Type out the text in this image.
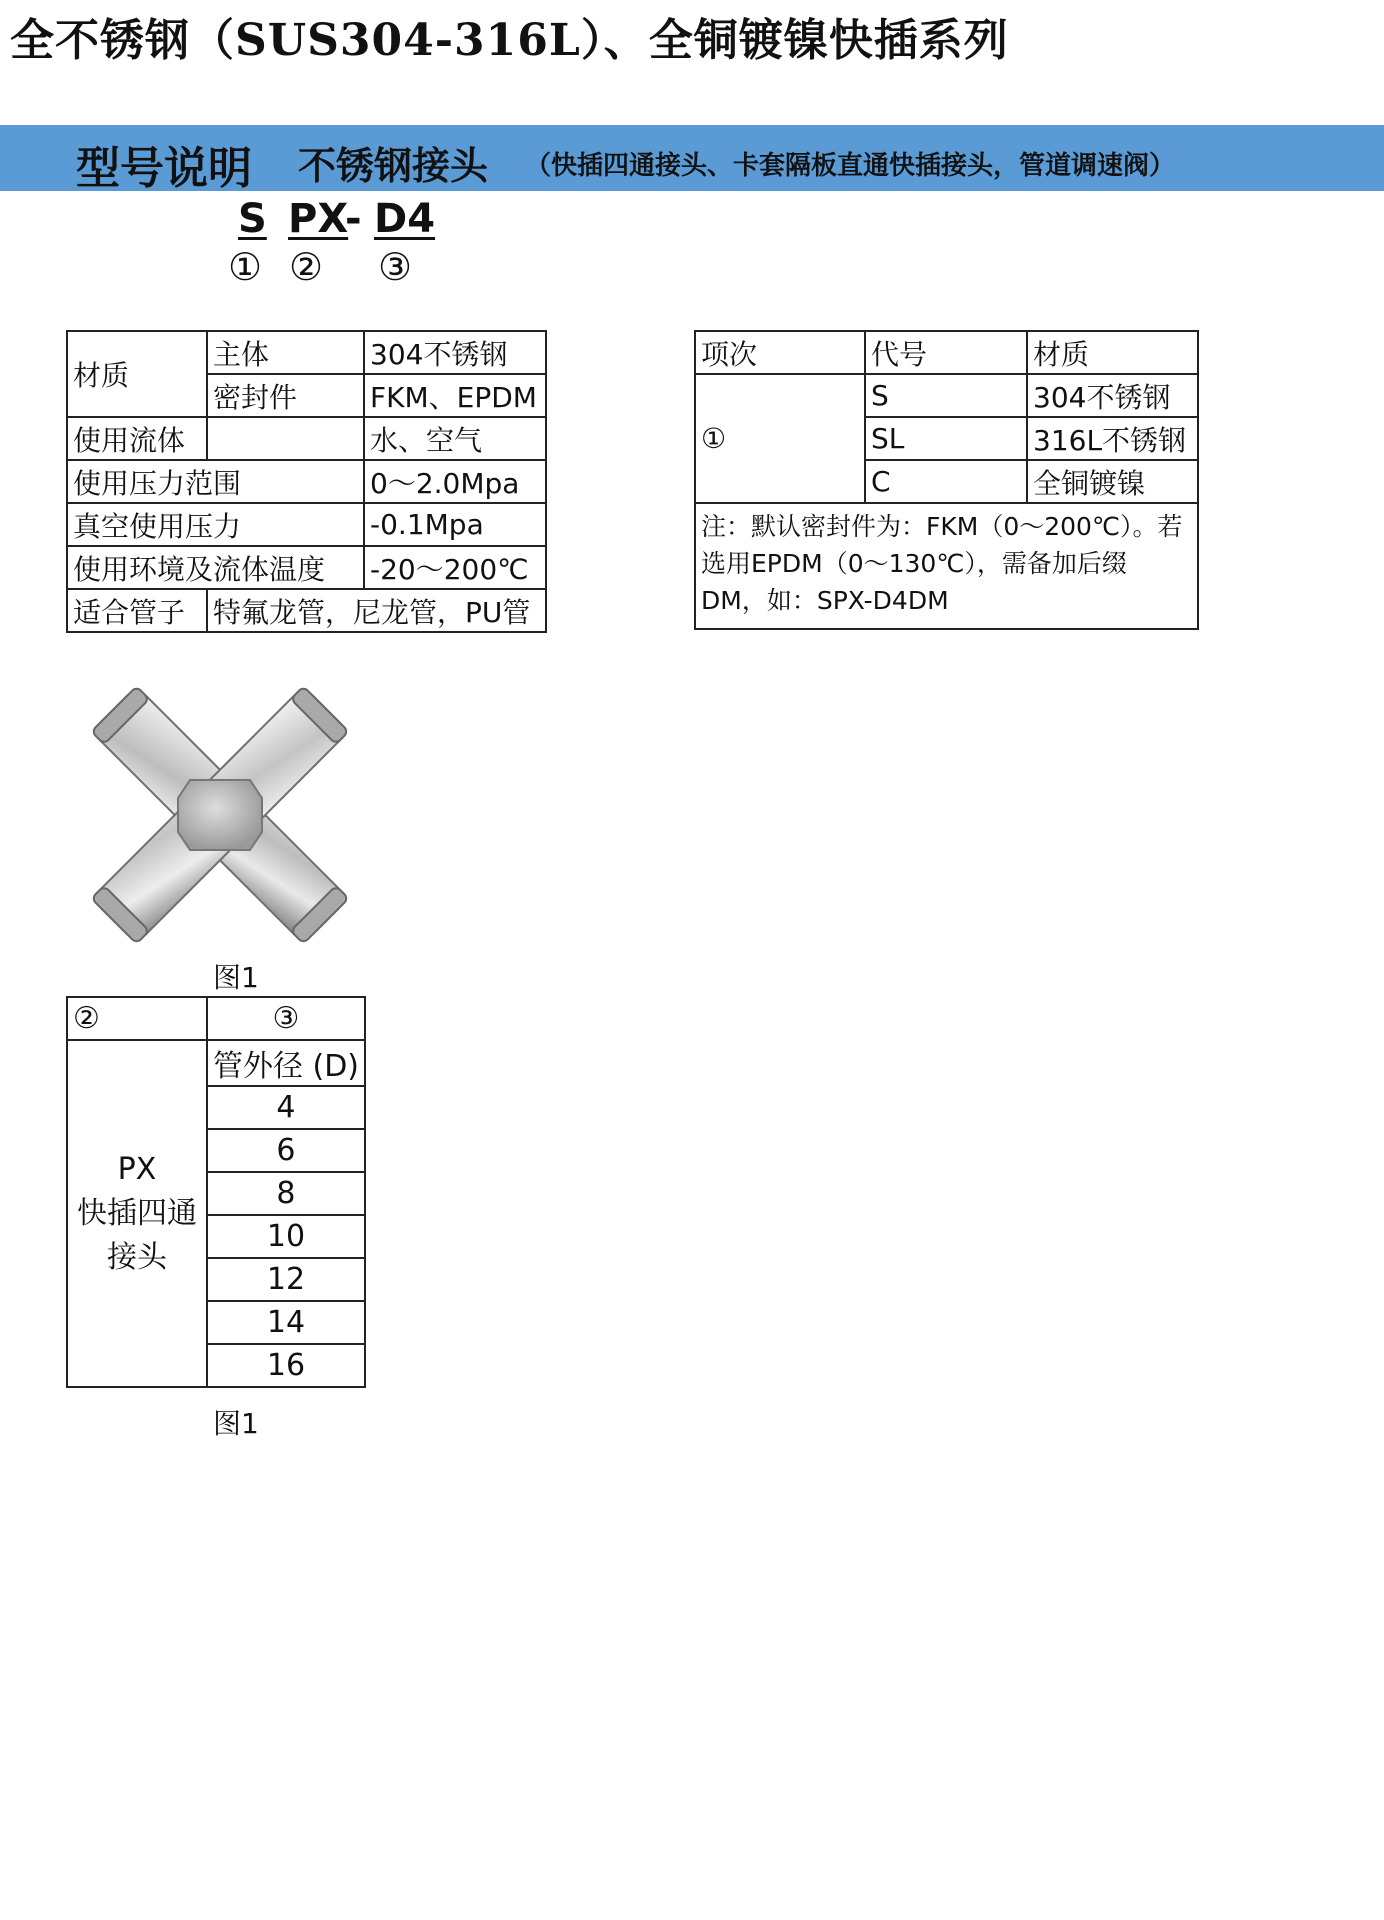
全不锈钢（SUS304-316L）、全铜镀镍快插系列
型号说明 不锈钢接头 （快插四通接头、卡套隔板直通快插接头，管道调速阀）
S PX
- D4
① ② ③
材质	主体	304不锈钢
	密封件	FKM、EPDM
使用流体		水、空气
使用压力范围		0～2.0Mpa
真空使用压力		-0.1Mpa
使用环境及流体温度		-20～200℃
适合管子	特氟龙管，尼龙管，PU管	
项次	代号	材质
①	S	304不锈钢
	SL	316L不锈钢
	C	全铜镀镍
注：默认密封件为：FKM（0～200℃）。若选用EPDM（0～130℃），需备加后缀DM，如：SPX-D4DM		
图1
②	③

PX
快插四通
接头	管外径 (D)
	4
	6
	8
	10
	12
	14
	16
图1
